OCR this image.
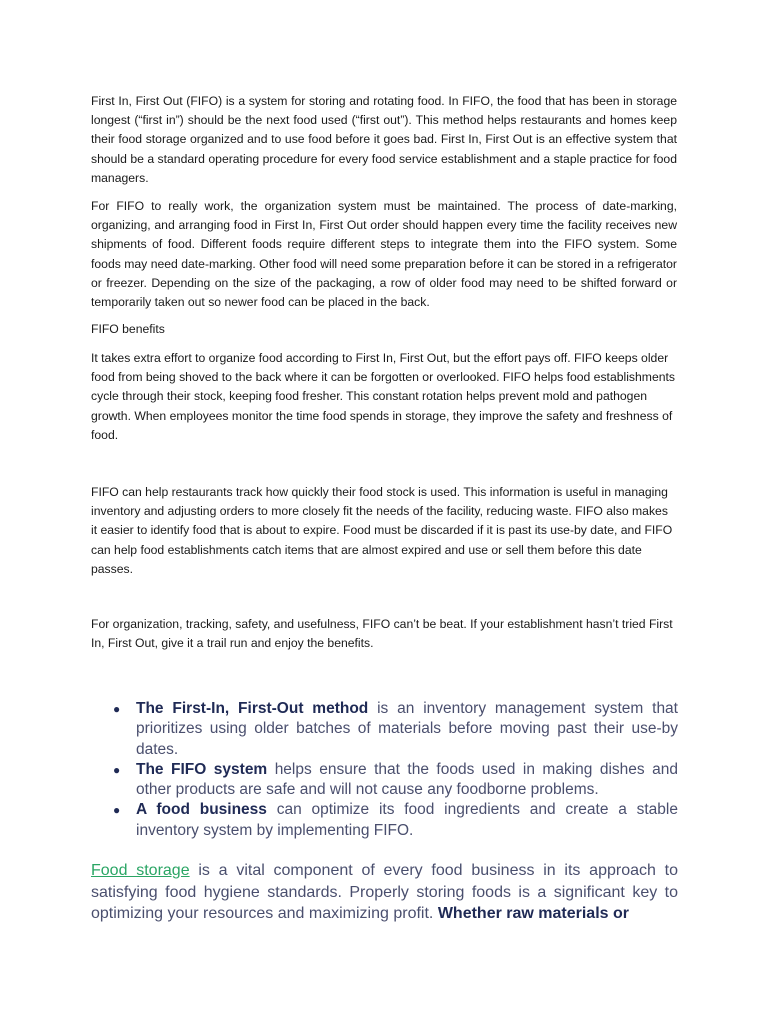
First In, First Out (FIFO) is a system for storing and rotating food. In FIFO, the food that has been in storage longest (“first in”) should be the next food used (“first out”). This method helps restaurants and homes keep their food storage organized and to use food before it goes bad. First In, First Out is an effective system that should be a standard operating procedure for every food service establishment and a staple practice for food managers.

For FIFO to really work, the organization system must be maintained. The process of date-marking, organizing, and arranging food in First In, First Out order should happen every time the facility receives new shipments of food. Different foods require different steps to integrate them into the FIFO system. Some foods may need date-marking. Other food will need some preparation before it can be stored in a refrigerator or freezer. Depending on the size of the packaging, a row of older food may need to be shifted forward or temporarily taken out so newer food can be placed in the back.

FIFO benefits

It takes extra effort to organize food according to First In, First Out, but the effort pays off. FIFO keeps older food from being shoved to the back where it can be forgotten or overlooked. FIFO helps food establishments cycle through their stock, keeping food fresher. This constant rotation helps prevent mold and pathogen growth. When employees monitor the time food spends in storage, they improve the safety and freshness of food.

FIFO can help restaurants track how quickly their food stock is used. This information is useful in managing inventory and adjusting orders to more closely fit the needs of the facility, reducing waste. FIFO also makes it easier to identify food that is about to expire. Food must be discarded if it is past its use-by date, and FIFO can help food establishments catch items that are almost expired and use or sell them before this date passes.

For organization, tracking, safety, and usefulness, FIFO can’t be beat. If your establishment hasn’t tried First In, First Out, give it a trail run and enjoy the benefits.

● The First-In, First-Out method is an inventory management system that prioritizes using older batches of materials before moving past their use-by dates.
● The FIFO system helps ensure that the foods used in making dishes and other products are safe and will not cause any foodborne problems.
● A food business can optimize its food ingredients and create a stable inventory system by implementing FIFO.

Food storage is a vital component of every food business in its approach to satisfying food hygiene standards. Properly storing foods is a significant key to optimizing your resources and maximizing profit. Whether raw materials or
